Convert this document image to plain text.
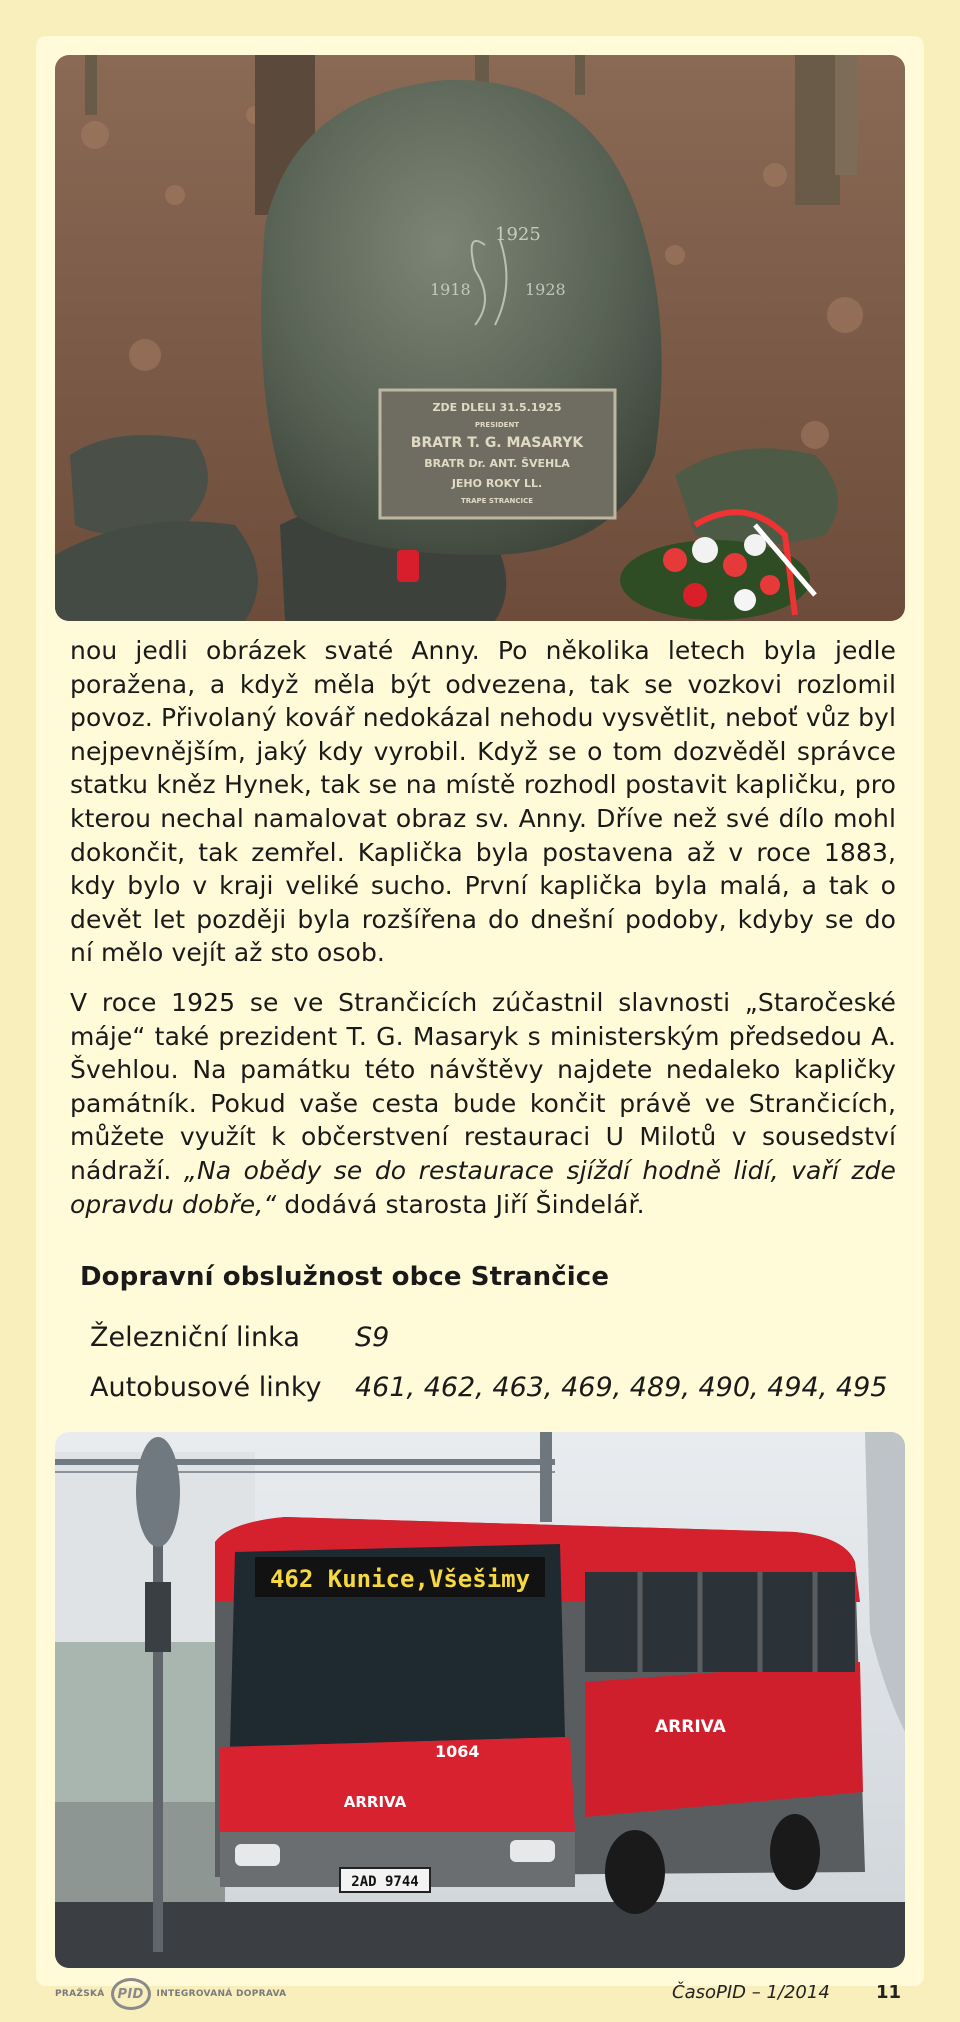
1925
1918	1928
ZDE DLELI 31.5.1925
PRESIDENT
BRATR T. G. MASARYK
BRATR Dr. ANT. ŠVEHLA
JEHO ROKY LL.
TRAPE STRANCICE

nou jedli obrázek svaté Anny. Po několika letech byla jedle poražena, a když měla být odvezena, tak se vozkovi rozlomil povoz. Přivolaný kovář nedokázal nehodu vysvětlit, neboť vůz byl nejpevnějším, jaký kdy vyrobil. Když se o tom dozvěděl správce statku kněz Hynek, tak se na místě rozhodl postavit kapličku, pro kterou nechal namalovat obraz sv. Anny. Dříve než své dílo mohl dokončit, tak zemřel. Kaplička byla postavena až v roce 1883, kdy bylo v kraji veliké sucho. První kaplička byla malá, a tak o devět let později byla rozšířena do dnešní podoby, kdyby se do ní mělo vejít až sto osob.

V roce 1925 se ve Strančicích zúčastnil slavnosti „Staročeské máje“ také prezident T. G. Masaryk s ministerským předsedou A. Švehlou. Na památku této návštěvy najdete nedaleko kapličky památník. Pokud vaše cesta bude končit právě ve Strančicích, můžete využít k občerstvení restauraci U Milotů v sousedství nádraží. „Na obědy se do restaurace sjíždí hodně lidí, vaří zde opravdu dobře,“ dodává starosta Jiří Šindelář.

Dopravní obslužnost obce Strančice
Železniční linka	S9
Autobusové linky	461, 462, 463, 469, 489, 490, 494, 495
462 Kunice,Všešimy
1064
ARRIVA
ARRIVA
2AD 9744
PRAŽSKÁ PID	INTEGROVANÁ DOPRAVA	ČasoPID – 1/2014	11
